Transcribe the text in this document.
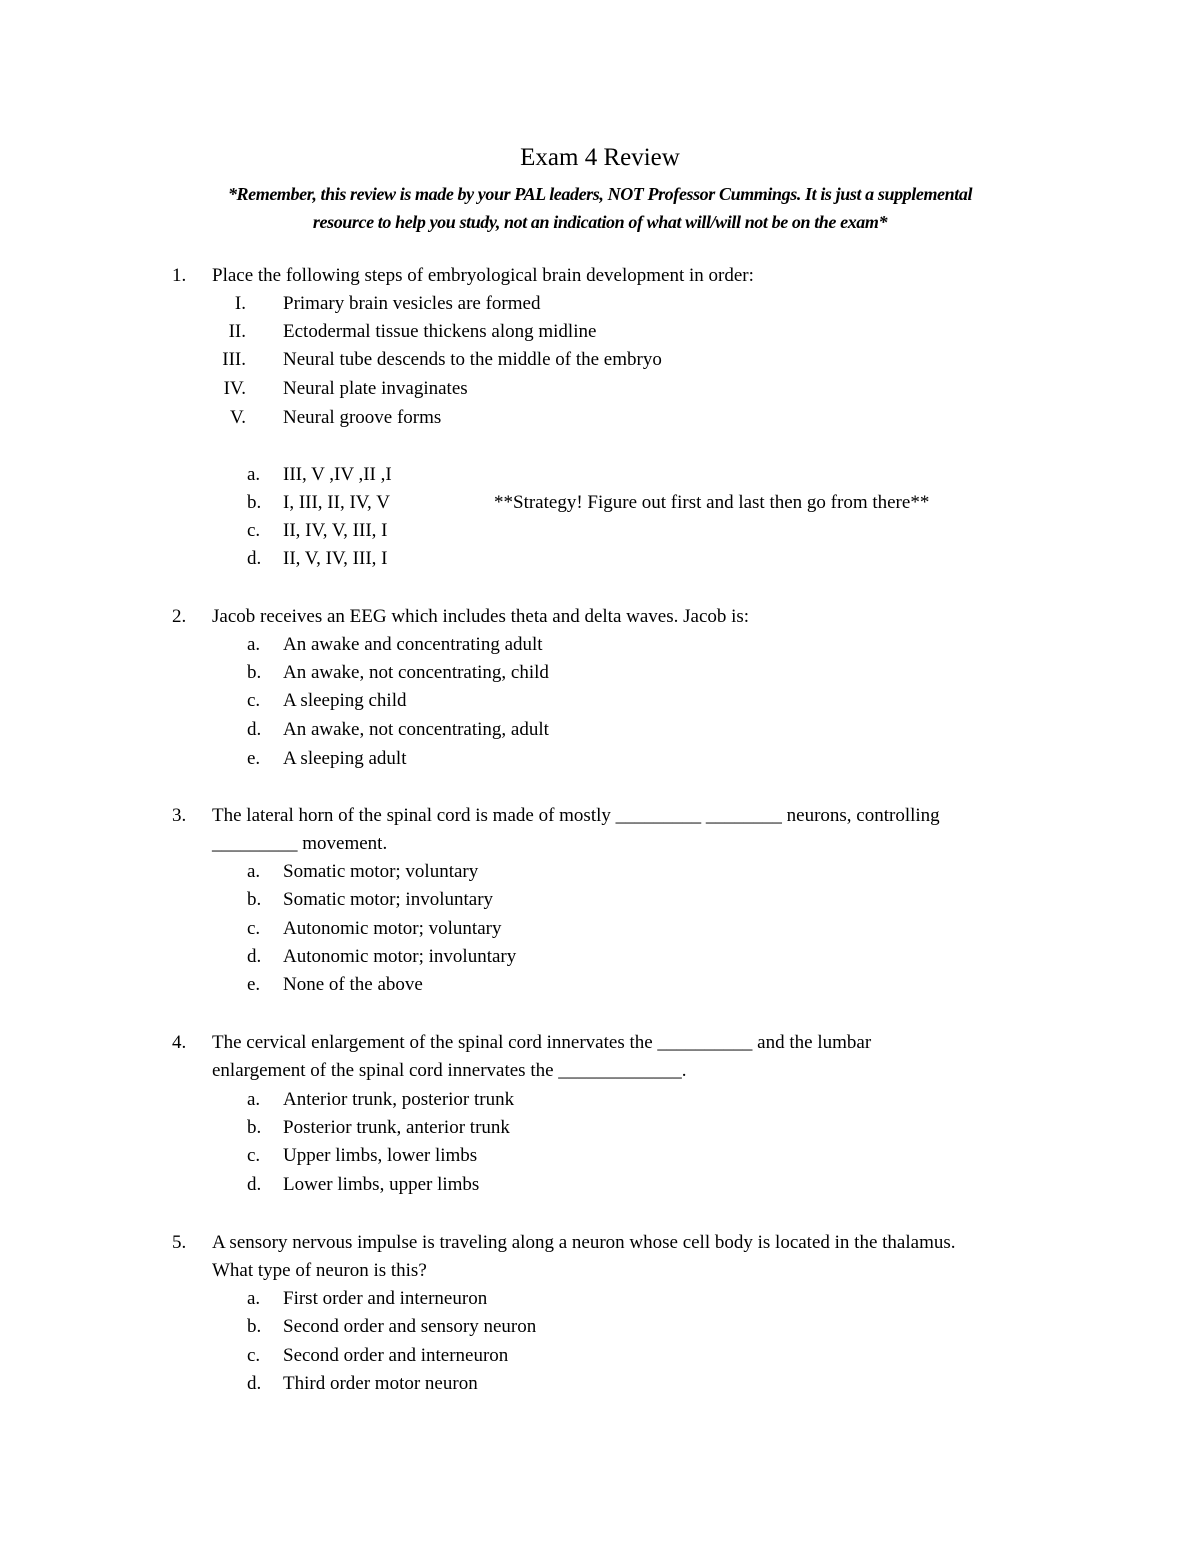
Exam 4 Review
*Remember, this review is made by your PAL leaders, NOT Professor Cummings. It is just a supplemental
resource to help you study, not an indication of what will/will not be on the exam*
1.	Place the following steps of embryological brain development in order:
I. Primary brain vesicles are formed
II. Ectodermal tissue thickens along midline
III. Neural tube descends to the middle of the embryo
IV. Neural plate invaginates
V. Neural groove forms
a.	III, V ,IV ,II ,I
b.	I, III, II, IV, V	**Strategy! Figure out first and last then go from there**
c.	II, IV, V, III, I
d.	II, V, IV, III, I
2.	Jacob receives an EEG which includes theta and delta waves. Jacob is:
a.	An awake and concentrating adult
b.	An awake, not concentrating, child
c.	A sleeping child
d.	An awake, not concentrating, adult
e.	A sleeping adult
3.	The lateral horn of the spinal cord is made of mostly _________ ________ neurons, controlling
_________ movement.
a.	Somatic motor; voluntary
b.	Somatic motor; involuntary
c.	Autonomic motor; voluntary
d.	Autonomic motor; involuntary
e.	None of the above
4.	The cervical enlargement of the spinal cord innervates the __________ and the lumbar
enlargement of the spinal cord innervates the _____________.
a.	Anterior trunk, posterior trunk
b.	Posterior trunk, anterior trunk
c.	Upper limbs, lower limbs
d.	Lower limbs, upper limbs
5.	A sensory nervous impulse is traveling along a neuron whose cell body is located in the thalamus.
What type of neuron is this?
a.	First order and interneuron
b.	Second order and sensory neuron
c.	Second order and interneuron
d.	Third order motor neuron
